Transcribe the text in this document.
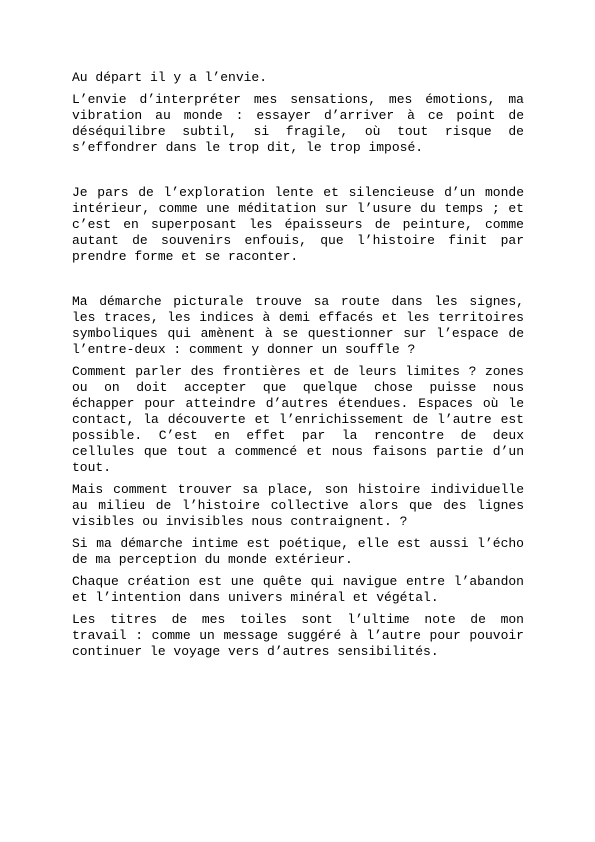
Au départ il y a l’envie.

L’envie d’interpréter mes sensations, mes émotions, ma vibration au monde : essayer d’arriver à ce point de déséquilibre subtil, si fragile, où tout risque de s’effondrer dans le trop dit, le trop imposé.

Je pars de l’exploration lente et silencieuse d’un monde intérieur, comme une méditation sur l’usure du temps ; et c’est en superposant les épaisseurs de peinture, comme autant de souvenirs enfouis, que l’histoire finit par prendre forme et se raconter.

Ma démarche picturale trouve sa route dans les signes, les traces, les indices à demi effacés et les territoires symboliques qui amènent à se questionner sur l’espace de l’entre-deux : comment y donner un souffle ?

Comment parler des frontières et de leurs limites ? zones ou on doit accepter que quelque chose puisse nous échapper pour atteindre d’autres étendues. Espaces où le contact, la découverte et l’enrichissement de l’autre est possible. C’est en effet par la rencontre de deux cellules que tout a commencé et nous faisons partie d’un tout.

Mais comment trouver sa place, son histoire individuelle au milieu de l’histoire collective alors que des lignes visibles ou invisibles nous contraignent. ?

Si ma démarche intime est poétique, elle est aussi l’écho de ma perception du monde extérieur.

Chaque création est une quête qui navigue entre l’abandon et l’intention dans univers minéral et végétal.

Les titres de mes toiles sont l’ultime note de mon travail : comme un message suggéré à l’autre pour pouvoir continuer le voyage vers d’autres sensibilités.
